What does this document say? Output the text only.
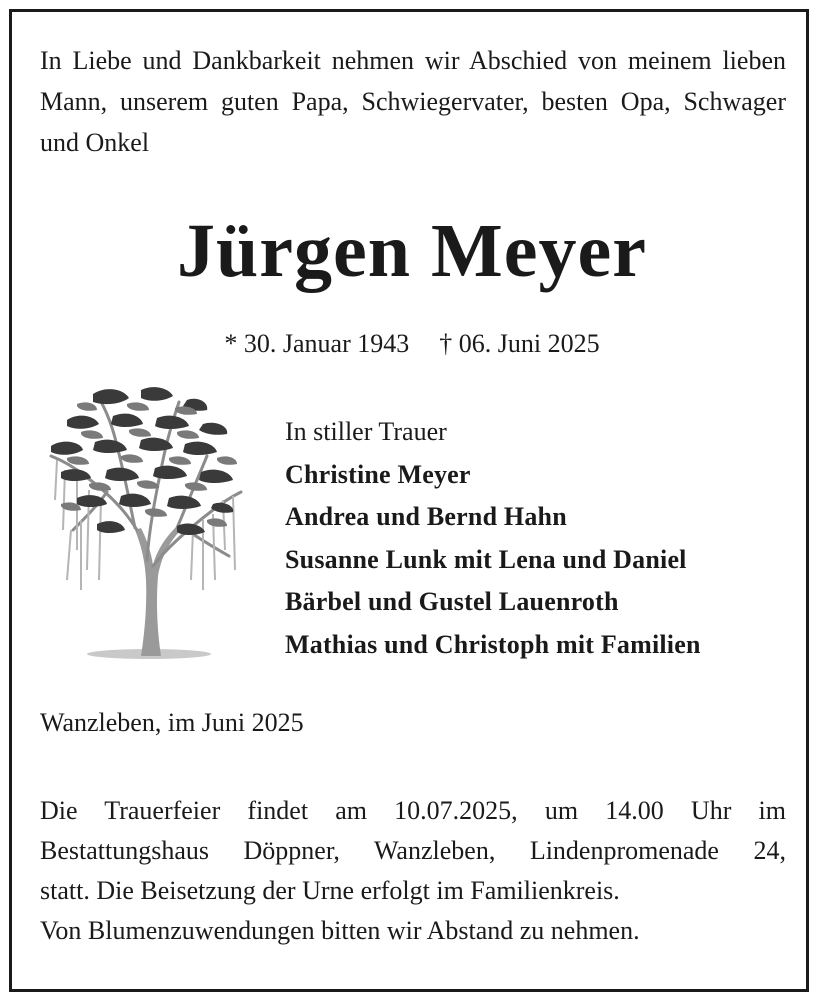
In Liebe und Dankbarkeit nehmen wir Abschied von meinem lieben Mann, unserem guten Papa, Schwiegervater, besten Opa, Schwager und Onkel
Jürgen Meyer
* 30. Januar 1943 † 06. Juni 2025
In stiller Trauer
Christine Meyer
Andrea und Bernd Hahn
Susanne Lunk mit Lena und Daniel
Bärbel und Gustel Lauenroth
Mathias und Christoph mit Familien
Wanzleben, im Juni 2025
Die Trauerfeier findet am 10.07.2025, um 14.00 Uhr im
Bestattungshaus Döppner, Wanzleben, Lindenpromenade 24,
statt. Die Beisetzung der Urne erfolgt im Familienkreis.
Von Blumenzuwendungen bitten wir Abstand zu nehmen.
